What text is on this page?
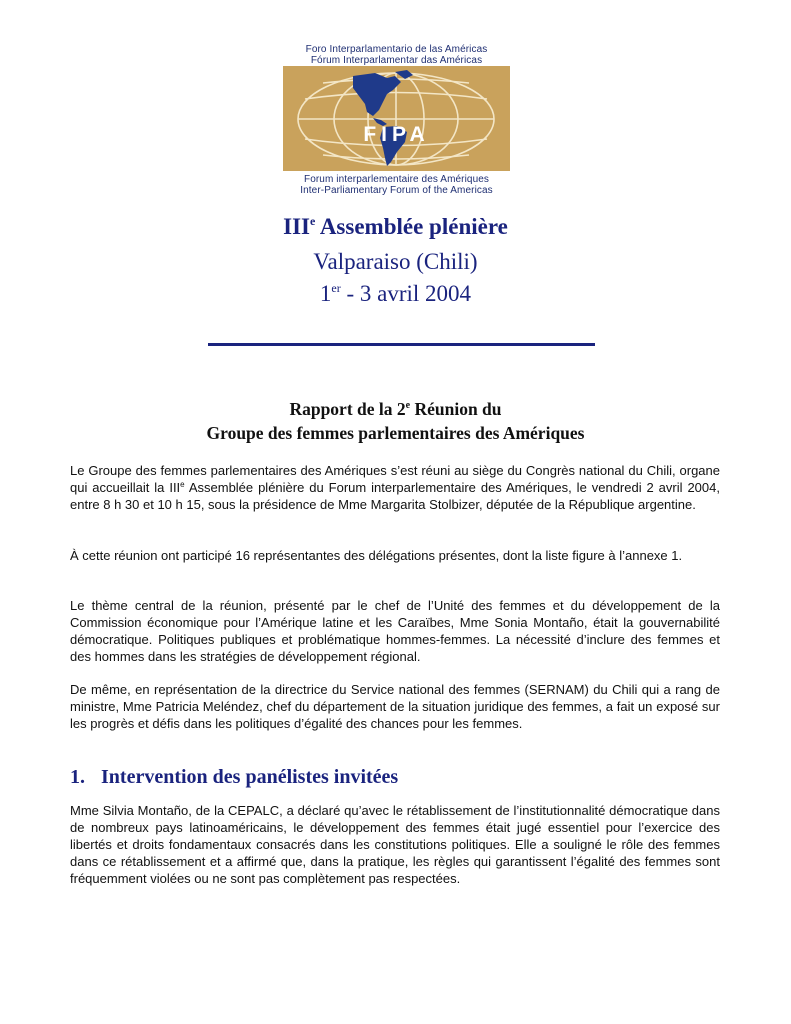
Foro Interparlamentario de las Américas
Fórum Interparlamentar das Américas
FIPA
Forum interparlementaire des Amériques
Inter-Parliamentary Forum of the Americas
IIIe Assemblée plénière
Valparaiso (Chili)
1er - 3 avril 2004
Rapport de la 2e Réunion du
Groupe des femmes parlementaires des Amériques

Le Groupe des femmes parlementaires des Amériques s’est réuni au siège du Congrès national du Chili, organe qui accueillait la IIIe Assemblée plénière du Forum interparlementaire des Amériques, le vendredi 2 avril 2004, entre 8 h 30 et 10 h 15, sous la présidence de Mme Margarita Stolbizer, députée de la République argentine.

À cette réunion ont participé 16 représentantes des délégations présentes, dont la liste figure à l’annexe 1.

Le thème central de la réunion, présenté par le chef de l’Unité des femmes et du développement de la Commission économique pour l’Amérique latine et les Caraïbes, Mme Sonia Montaño, était la gouvernabilité démocratique. Politiques publiques et problématique hommes-femmes. La nécessité d’inclure des femmes et des hommes dans les stratégies de développement régional.

De même, en représentation de la directrice du Service national des femmes (SERNAM) du Chili qui a rang de ministre, Mme Patricia Meléndez, chef du département de la situation juridique des femmes, a fait un exposé sur les progrès et défis dans les politiques d’égalité des chances pour les femmes.

1. Intervention des panélistes invitées

Mme Silvia Montaño, de la CEPALC, a déclaré qu’avec le rétablissement de l’institutionnalité démocratique dans de nombreux pays latinoaméricains, le développement des femmes était jugé essentiel pour l’exercice des libertés et droits fondamentaux consacrés dans les constitutions politiques. Elle a souligné le rôle des femmes dans ce rétablissement et a affirmé que, dans la pratique, les règles qui garantissent l’égalité des femmes sont fréquemment violées ou ne sont pas complètement pas respectées.
